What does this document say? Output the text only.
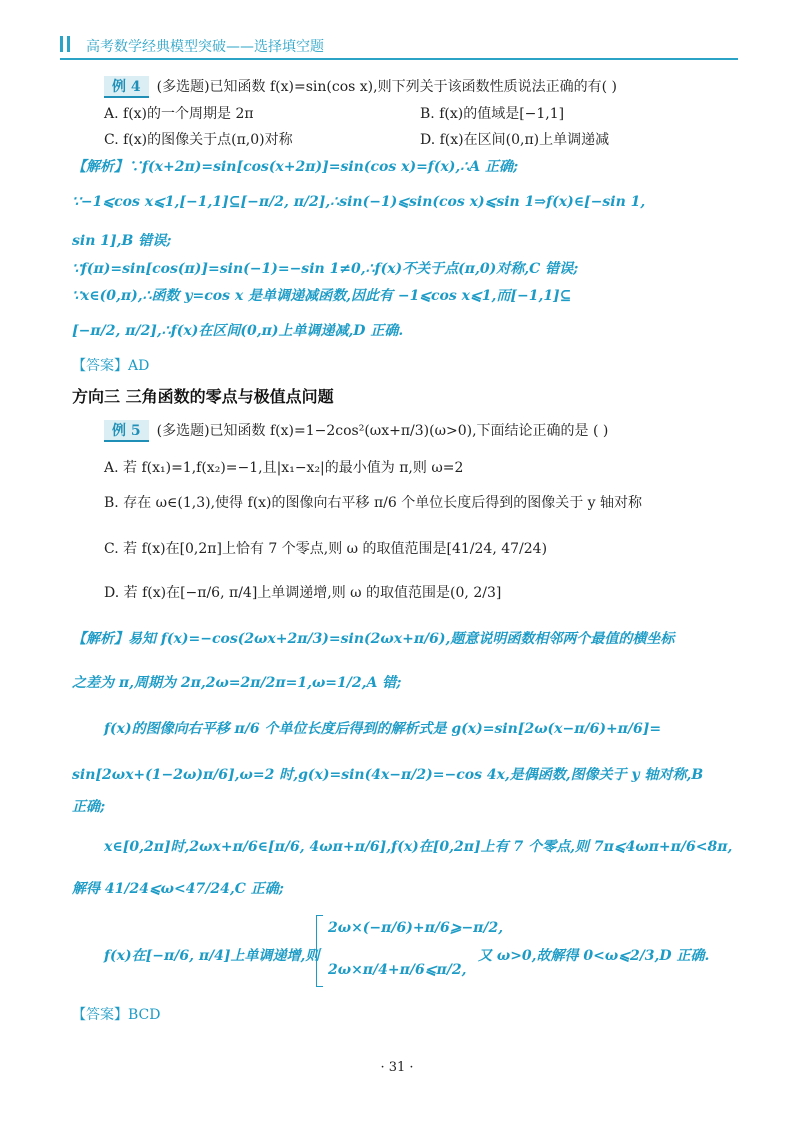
高考数学经典模型突破——选择填空题
例 4 (多选题)已知函数 f(x)=sin(cos x),则下列关于该函数性质说法正确的有( )
A. f(x)的一个周期是 2π	B. f(x)的值域是[−1,1]
C. f(x)的图像关于点(π,0)对称	D. f(x)在区间(0,π)上单调递减
【解析】∵f(x+2π)=sin[cos(x+2π)]=sin(cos x)=f(x),∴A 正确;
∵−1⩽cos x⩽1,[−1,1]⊆[−π/2, π/2],∴sin(−1)⩽sin(cos x)⩽sin 1⇒f(x)∈[−sin 1,
sin 1],B 错误;
∵f(π)=sin[cos(π)]=sin(−1)=−sin 1≠0,∴f(x)不关于点(π,0)对称,C 错误;
∵x∈(0,π),∴函数 y=cos x 是单调递减函数,因此有 −1⩽cos x⩽1,而[−1,1]⊆
[−π/2, π/2],∴f(x)在区间(0,π)上单调递减,D 正确.
【答案】AD
方向三 三角函数的零点与极值点问题
例 5 (多选题)已知函数 f(x)=1−2cos²(ωx+π/3)(ω>0),下面结论正确的是 ( )
A. 若 f(x₁)=1,f(x₂)=−1,且|x₁−x₂|的最小值为 π,则 ω=2
B. 存在 ω∈(1,3),使得 f(x)的图像向右平移 π/6 个单位长度后得到的图像关于 y 轴对称
C. 若 f(x)在[0,2π]上恰有 7 个零点,则 ω 的取值范围是[41/24, 47/24)
D. 若 f(x)在[−π/6, π/4]上单调递增,则 ω 的取值范围是(0, 2/3]
【解析】易知 f(x)=−cos(2ωx+2π/3)=sin(2ωx+π/6),题意说明函数相邻两个最值的横坐标
之差为 π,周期为 2π,2ω=2π/2π=1,ω=1/2,A 错;
f(x)的图像向右平移 π/6 个单位长度后得到的解析式是 g(x)=sin[2ω(x−π/6)+π/6]=
sin[2ωx+(1−2ω)π/6],ω=2 时,g(x)=sin(4x−π/2)=−cos 4x,是偶函数,图像关于 y 轴对称,B
正确;
x∈[0,2π]时,2ωx+π/6∈[π/6, 4ωπ+π/6],f(x)在[0,2π]上有 7 个零点,则 7π⩽4ωπ+π/6<8π,
解得 41/24⩽ω<47/24,C 正确;
f(x)在[−π/6, π/4]上单调递增,则
2ω×(−π/6)+π/6⩾−π/2,
2ω×π/4+π/6⩽π/2,
又 ω>0,故解得 0<ω⩽2/3,D 正确.
【答案】BCD
· 31 ·
